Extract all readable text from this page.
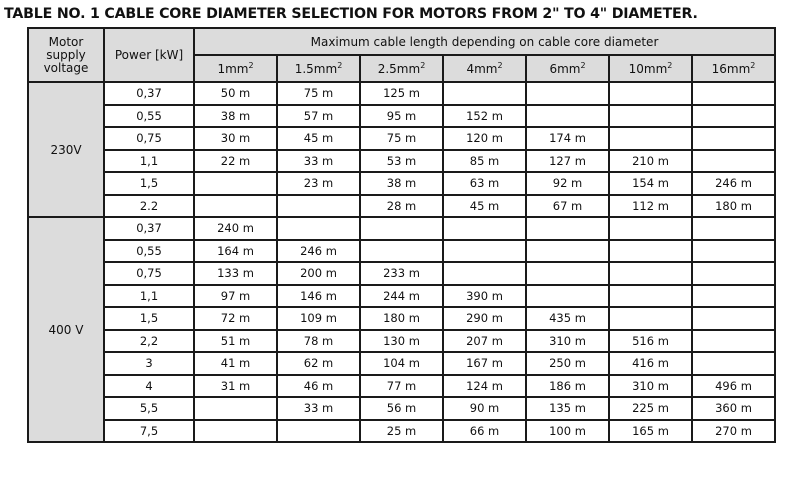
TABLE NO. 1 CABLE CORE DIAMETER SELECTION FOR MOTORS FROM 2" TO 4" DIAMETER.
Motor supply voltage	Power [kW]	Maximum cable length depending on cable core diameter						
		$1mm^2$	$1.5mm^2$	$2.5mm^2$	$4mm^2$	$6mm^2$	$10mm^2$	$16mm^2$
230V	0,37	50 m	75 m	125 m				
	0,55	38 m	57 m	95 m	152 m			
	0,75	30 m	45 m	75 m	120 m	174 m		
	1,1	22 m	33 m	53 m	85 m	127 m	210 m	
	1,5		23 m	38 m	63 m	92 m	154 m	246 m
	2.2			28 m	45 m	67 m	112 m	180 m
400 V	0,37	240 m						
	0,55	164 m	246 m					
	0,75	133 m	200 m	233 m				
	1,1	97 m	146 m	244 m	390 m			
	1,5	72 m	109 m	180 m	290 m	435 m		
	2,2	51 m	78 m	130 m	207 m	310 m	516 m	
	3	41 m	62 m	104 m	167 m	250 m	416 m	
	4	31 m	46 m	77 m	124 m	186 m	310 m	496 m
	5,5		33 m	56 m	90 m	135 m	225 m	360 m
	7,5			25 m	66 m	100 m	165 m	270 m
